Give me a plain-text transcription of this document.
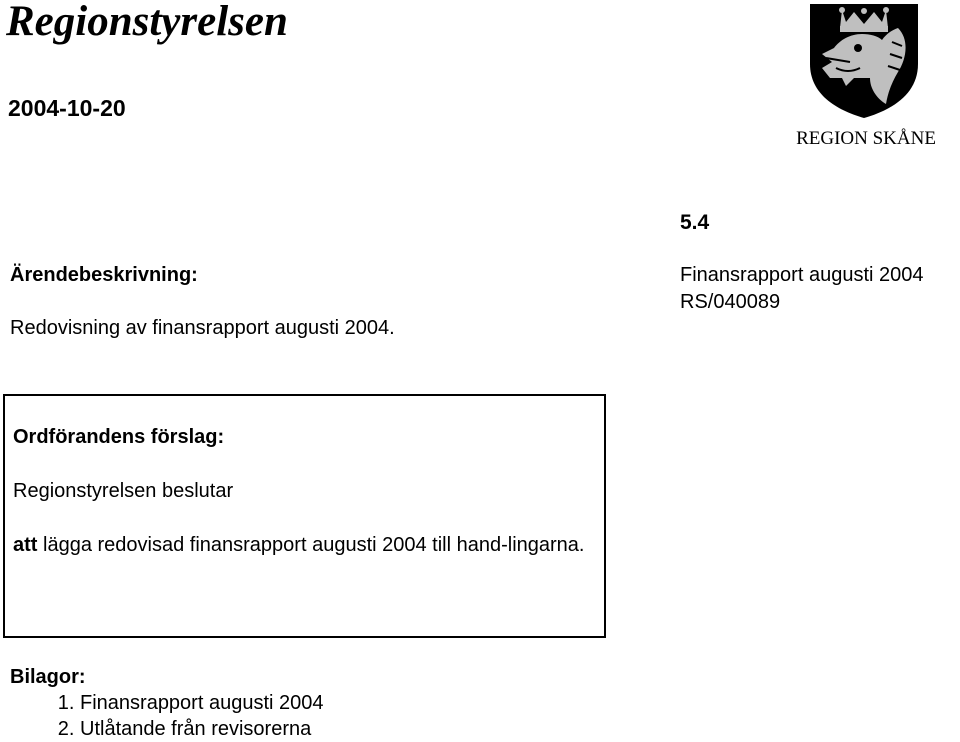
Regionstyrelsen
2004-10-20
REGION SKÅNE
5.4
Ärendebeskrivning:
Redovisning av finansrapport augusti 2004.
Finansrapport augusti 2004
RS/040089
Ordförandens förslag:
Regionstyrelsen beslutar
att lägga redovisad finansrapport augusti 2004 till hand-lingarna.
Bilagor:
1. Finansrapport augusti 2004
2. Utlåtande från revisorerna
